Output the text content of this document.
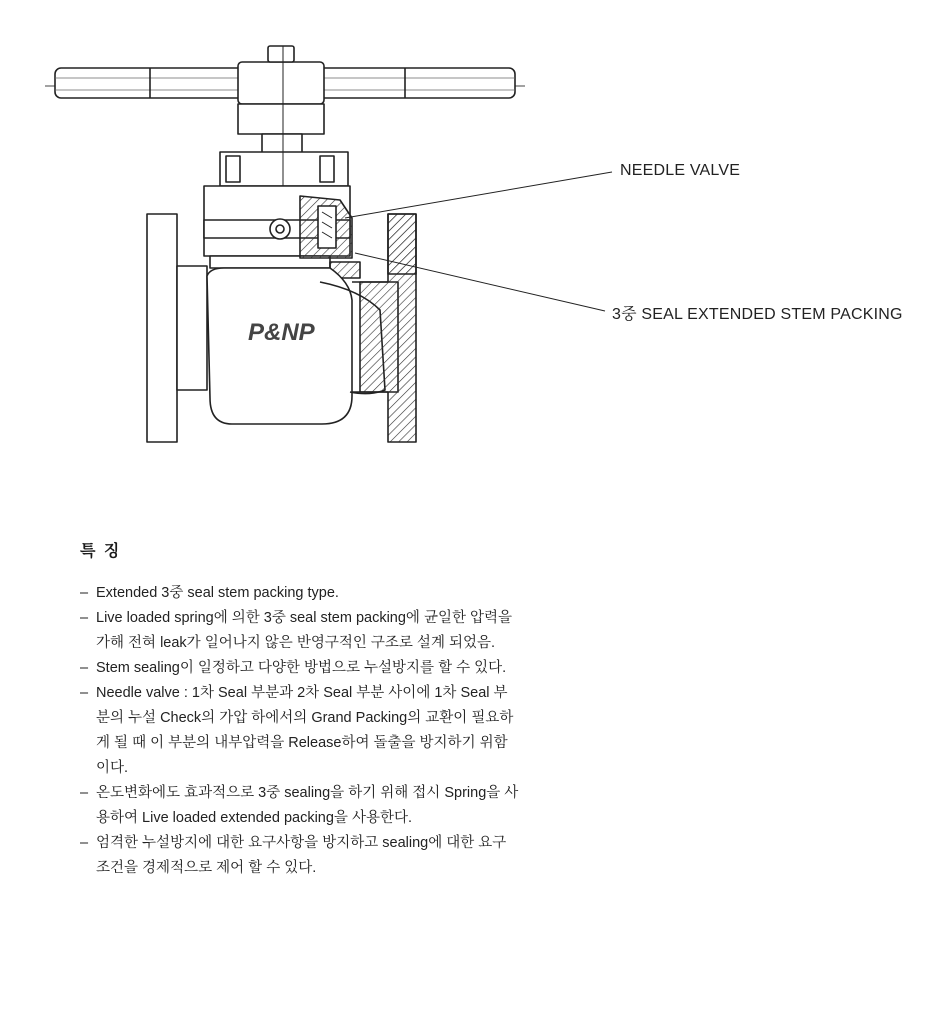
P&NP
NEEDLE VALVE
3중 SEAL EXTENDED STEM PACKING
특 징
– Extended 3중 seal stem packing type.
– Live loaded spring에 의한 3중 seal stem packing에 균일한 압력을 가해 전혀 leak가 일어나지 않은 반영구적인 구조로 설계 되었음.
– Stem sealing이 일정하고 다양한 방법으로 누설방지를 할 수 있다.
– Needle valve : 1차 Seal 부분과 2차 Seal 부분 사이에 1차 Seal 부분의 누설 Check의 가압 하에서의 Grand Packing의 교환이 필요하게 될 때 이 부분의 내부압력을 Release하여 돌출을 방지하기 위함이다.
– 온도변화에도 효과적으로 3중 sealing을 하기 위해 접시 Spring을 사용하여 Live loaded extended packing을 사용한다.
– 엄격한 누설방지에 대한 요구사항을 방지하고 sealing에 대한 요구조건을 경제적으로 제어 할 수 있다.
